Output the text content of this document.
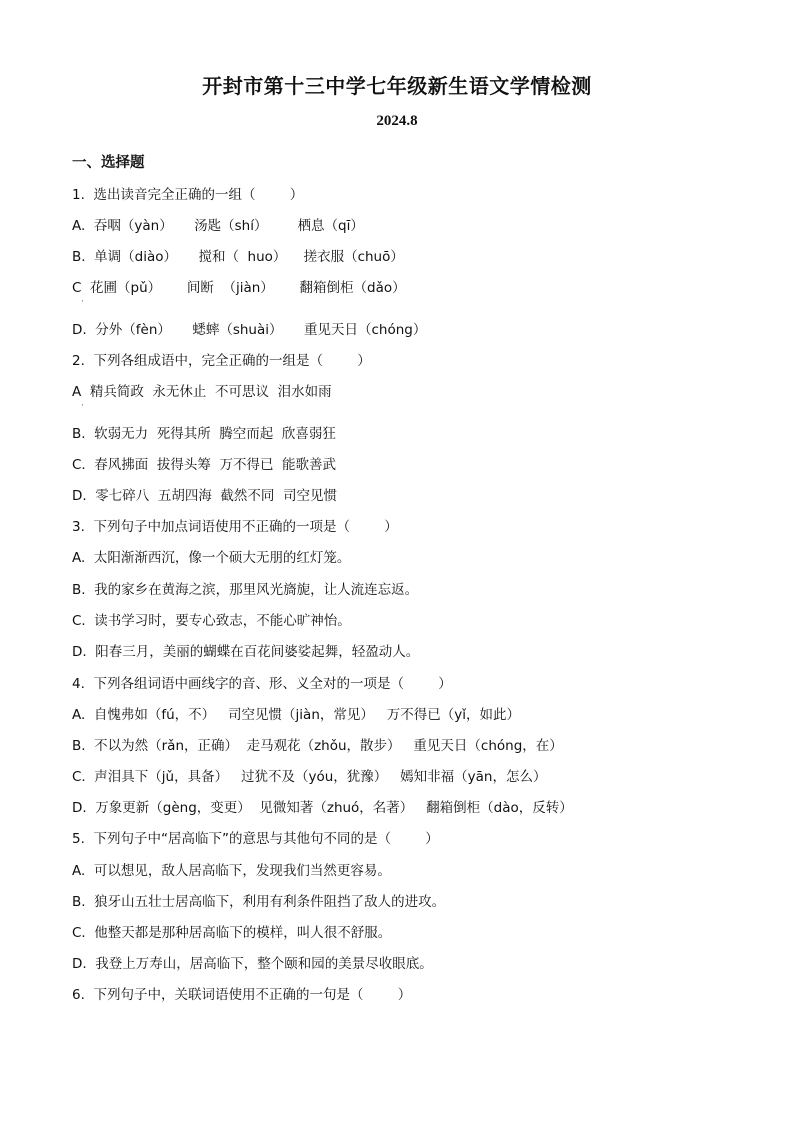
开封市第十三中学七年级新生语文学情检测
2024.8
一、选择题
1.  选出读音完全正确的一组（        ）
A.  吞咽（yàn）     汤匙（shí）       栖息（qī）
B.  单调（diào）     搅和（  huo）    搓衣服（chuō）
C  花圃（pǔ）      间断  （jiàn）      翻箱倒柜（dǎo）
·
D.  分外（fèn）     蟋蟀（shuài）     重见天日（chóng）
2.  下列各组成语中，完全正确的一组是（        ）
A  精兵简政  永无休止  不可思议  泪水如雨
·
B.  软弱无力  死得其所  腾空而起  欣喜弱狂
C.  春风拂面  拔得头筹  万不得已  能歌善武
D.  零七碎八  五胡四海  截然不同  司空见惯
3.  下列句子中加点词语使用不正确的一项是（        ）
A.  太阳渐渐西沉，像一个硕大无朋的红灯笼。
B.  我的家乡在黄海之滨，那里风光旖旎，让人流连忘返。
C.  读书学习时，要专心致志，不能心旷神怡。
D.  阳春三月，美丽的蝴蝶在百花间婆娑起舞，轻盈动人。
4.  下列各组词语中画线字的音、形、义全对的一项是（        ）
A.  自愧弗如（fú，不）   司空见惯（jiàn，常见）   万不得已（yǐ，如此）
B.  不以为然（rǎn，正确）  走马观花（zhǒu，散步）   重见天日（chóng，在）
C.  声泪具下（jǔ，具备）   过犹不及（yóu，犹豫）   嫣知非福（yān，怎么）
D.  万象更新（gèng，变更）  见微知著（zhuó，名著）   翻箱倒柜（dào，反转）
5.  下列句子中“居高临下”的意思与其他句不同的是（        ）
A.  可以想见，敌人居高临下，发现我们当然更容易。
B.  狼牙山五壮士居高临下，利用有利条件阻挡了敌人的进攻。
C.  他整天都是那种居高临下的模样，叫人很不舒服。
D.  我登上万寿山，居高临下，整个颐和园的美景尽收眼底。
6.  下列句子中，关联词语使用不正确的一句是（        ）
